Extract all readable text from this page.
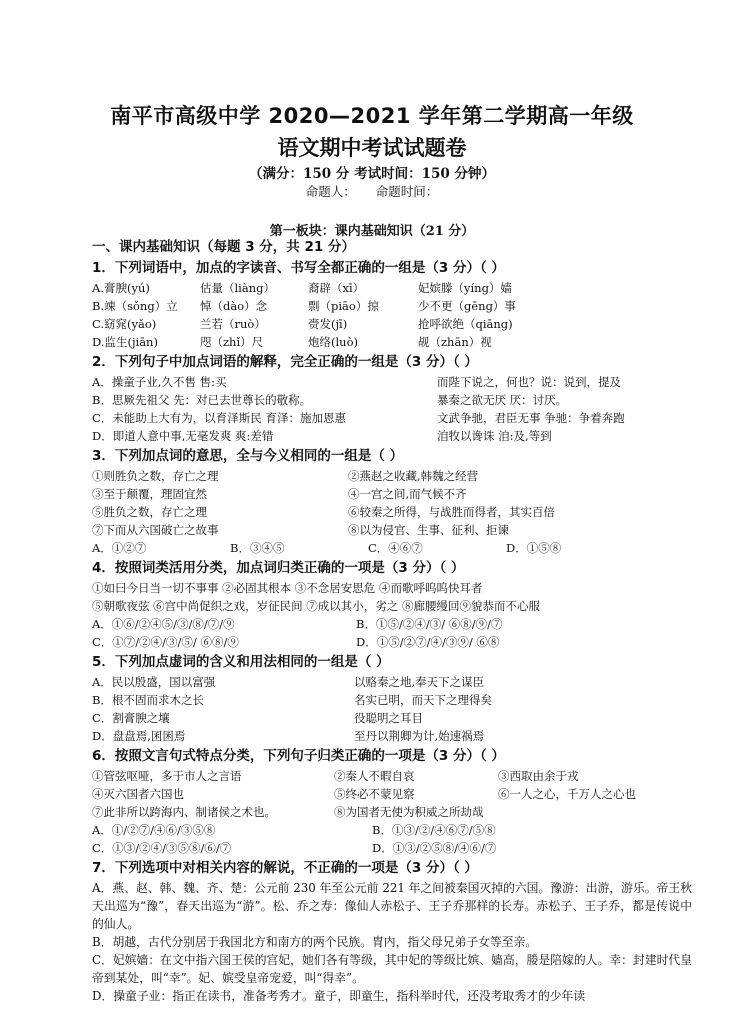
南平市高级中学 2020—2021 学年第二学期高一年级
语文期中考试试题卷
（满分：150 分 考试时间：150 分钟）
命题人： 命题时间：
第一板块：课内基础知识（21 分）
一、课内基础知识（每题 3 分，共 21 分）
1．下列词语中，加点的字读音、书写全都正确的一组是（3 分）（ ）
A.膏腴(yú)	估量（liàng）	裔辟（xī）	妃嫔滕（yíng）嫱
B.竦（sǒng）立	悼（dào）念	剽（piāo）掠	少不更（gēng）事
C.窈窕(yǎo)	兰若（ruò）	赍发(jī)	抢呼欲绝（qiāng)
D.监生(jiān)	咫（zhǐ）尺	炮络(luò)	觇（zhān）视
2．下列句子中加点词语的解释，完全正确的一组是（3 分）（ ）
A．操童子业,久不售 售:买	而陛下说之，何也？说：说到，提及
B．思厥先祖父 先：对已去世尊长的敬称。	暴秦之欲无厌 厌：讨厌。
C．未能助上大有为，以育泽斯民 育泽：施加恩惠	文武争驰，君臣无事 争驰：争着奔跑
D．即道人意中事,无毫发爽 爽:差错	洎牧以谗诛 洎:及,等到
3．下列加点词的意思，全与今义相同的一组是（ ）
①则胜负之数，存亡之理	②燕赵之收藏,韩魏之经营
③至于颠覆，理固宜然	④一宫之间,而气候不齐
⑤胜负之数，存亡之理	⑥较秦之所得，与战胜而得者，其实百倍
⑦下而从六国破亡之故事	⑧以为侵官、生事、征利、拒谏
A．①②⑦	B．③④⑤	C．④⑥⑦	D．①⑤⑧
4．按照词类活用分类，加点词归类正确的一项是（3 分）（ ）
①如曰今日当一切不事事 ②必固其根本 ③不念居安思危 ④而歌呼呜呜快耳者
⑤朝歌夜弦 ⑥宫中尚促织之戏，岁征民间 ⑦成以其小，劣之 ⑧廊腰缦回⑨貌恭而不心服
A．①⑥/②④⑤/③/⑧/⑦/⑨	B．①⑤/②④/③/ ⑥⑧/⑨/⑦
C．①⑦/②④/③/⑤/ ⑥⑧/⑨	D．①⑤/②⑦/④/③⑨/ ⑥⑧
5．下列加点虚词的含义和用法相同的一组是（ ）
A．民以殷盛，国以富强	以赂秦之地,奉天下之谋臣
B．根不固而求木之长	名实已明，而天下之理得矣
C．割膏腴之壤	役聪明之耳目
D．盘盘焉,囷囷焉	至丹以荆卿为计,始速祸焉
6．按照文言句式特点分类，下列句子归类正确的一项是（3 分）（ ）
①管弦呕哑，多于市人之言语	②秦人不暇自哀	③西取由余于戎
④灭六国者六国也	⑤终必不蒙见察	⑥一人之心，千万人之心也
⑦此非所以跨海内、制诸侯之术也。	⑧为国者无使为积威之所劫哉
A．①/②⑦/④⑥/③⑤⑧	B．①③/②/④⑥⑦/⑤⑧
C．①③/②④/③⑤⑧/⑥/⑦	D．①③/②⑤⑧/④⑥/⑦
7．下列选项中对相关内容的解说，不正确的一项是（3 分）（ ）
A．燕、赵、韩、魏、齐、楚：公元前 230 年至公元前 221 年之间被秦国灭掉的六国。豫游：出游，游乐。帝王秋天出巡为“豫”，春天出巡为“游”。松、乔之寿：像仙人赤松子、王子乔那样的长寿。赤松子、王子乔，都是传说中的仙人。
B．胡越，古代分别居于我国北方和南方的两个民族。胄内，指父母兄弟子女等至亲。
C．妃嫔嫱：在文中指六国王侯的宫妃，她们各有等级，其中妃的等级比嫔、嫱高，媵是陪嫁的人。幸：封建时代皇帝到某处，叫“幸”。妃、嫔受皇帝宠爱，叫“得幸”。
D．操童子业：指正在读书，准备考秀才。童子，即童生，指科举时代，还没考取秀才的少年读
